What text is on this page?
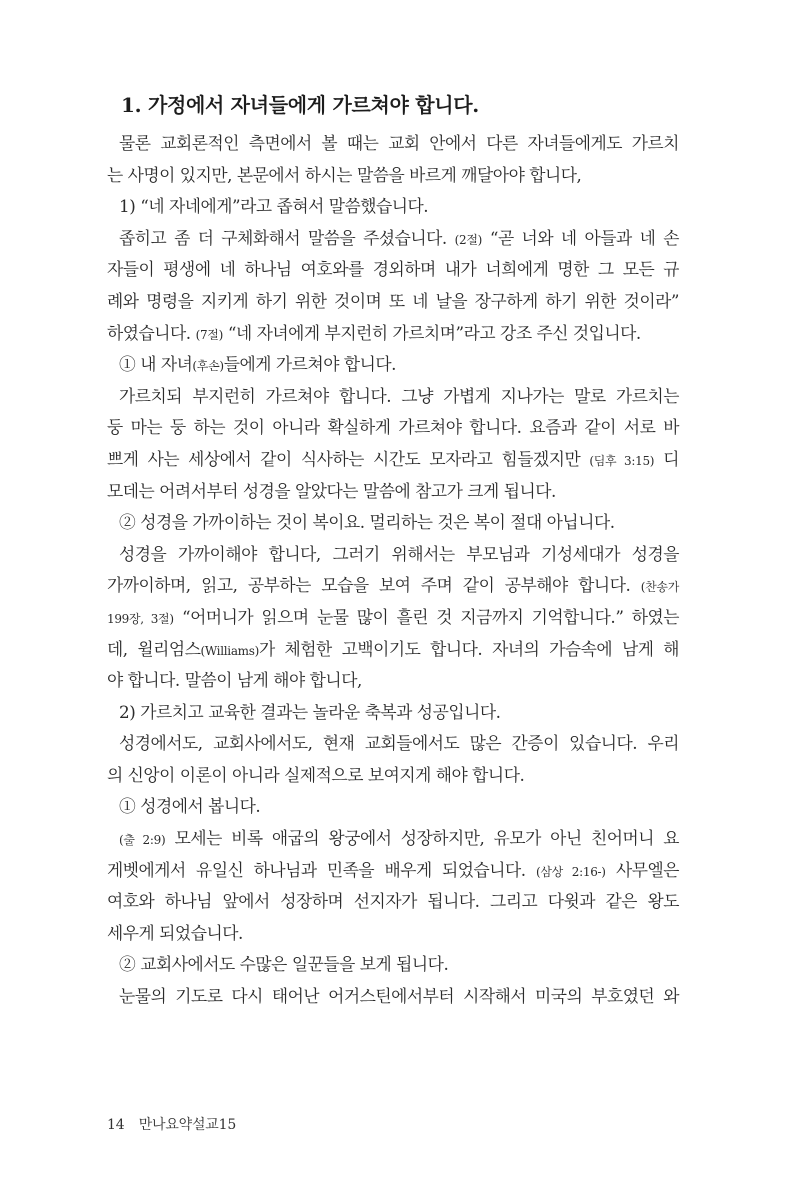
1. 가정에서 자녀들에게 가르쳐야 합니다.
물론 교회론적인 측면에서 볼 때는 교회 안에서 다른 자녀들에게도 가르치
는 사명이 있지만, 본문에서 하시는 말씀을 바르게 깨달아야 합니다,
1) “네 자네에게”라고 좁혀서 말씀했습니다.
좁히고 좀 더 구체화해서 말씀을 주셨습니다. (2절) “곧 너와 네 아들과 네 손
자들이 평생에 네 하나님 여호와를 경외하며 내가 너희에게 명한 그 모든 규
례와 명령을 지키게 하기 위한 것이며 또 네 날을 장구하게 하기 위한 것이라”
하였습니다. (7절) “네 자녀에게 부지런히 가르치며”라고 강조 주신 것입니다.
① 내 자녀(후손)들에게 가르쳐야 합니다.
가르치되 부지런히 가르쳐야 합니다. 그냥 가볍게 지나가는 말로 가르치는
둥 마는 둥 하는 것이 아니라 확실하게 가르쳐야 합니다. 요즘과 같이 서로 바
쁘게 사는 세상에서 같이 식사하는 시간도 모자라고 힘들겠지만 (딤후 3:15) 디
모데는 어려서부터 성경을 알았다는 말씀에 참고가 크게 됩니다.
② 성경을 가까이하는 것이 복이요. 멀리하는 것은 복이 절대 아닙니다.
성경을 가까이해야 합니다, 그러기 위해서는 부모님과 기성세대가 성경을
가까이하며, 읽고, 공부하는 모습을 보여 주며 같이 공부해야 합니다. (찬송가
199장, 3절) “어머니가 읽으며 눈물 많이 흘린 것 지금까지 기억합니다.” 하였는
데, 윌리엄스(Williams)가 체험한 고백이기도 합니다. 자녀의 가슴속에 남게 해
야 합니다. 말씀이 남게 해야 합니다,
2) 가르치고 교육한 결과는 놀라운 축복과 성공입니다.
성경에서도, 교회사에서도, 현재 교회들에서도 많은 간증이 있습니다. 우리
의 신앙이 이론이 아니라 실제적으로 보여지게 해야 합니다.
① 성경에서 봅니다.
(출 2:9) 모세는 비록 애굽의 왕궁에서 성장하지만, 유모가 아닌 친어머니 요
게벳에게서 유일신 하나님과 민족을 배우게 되었습니다. (삼상 2:16-) 사무엘은
여호와 하나님 앞에서 성장하며 선지자가 됩니다. 그리고 다윗과 같은 왕도
세우게 되었습니다.
② 교회사에서도 수많은 일꾼들을 보게 됩니다.
눈물의 기도로 다시 태어난 어거스틴에서부터 시작해서 미국의 부호였던 와
14 만나요약설교15
